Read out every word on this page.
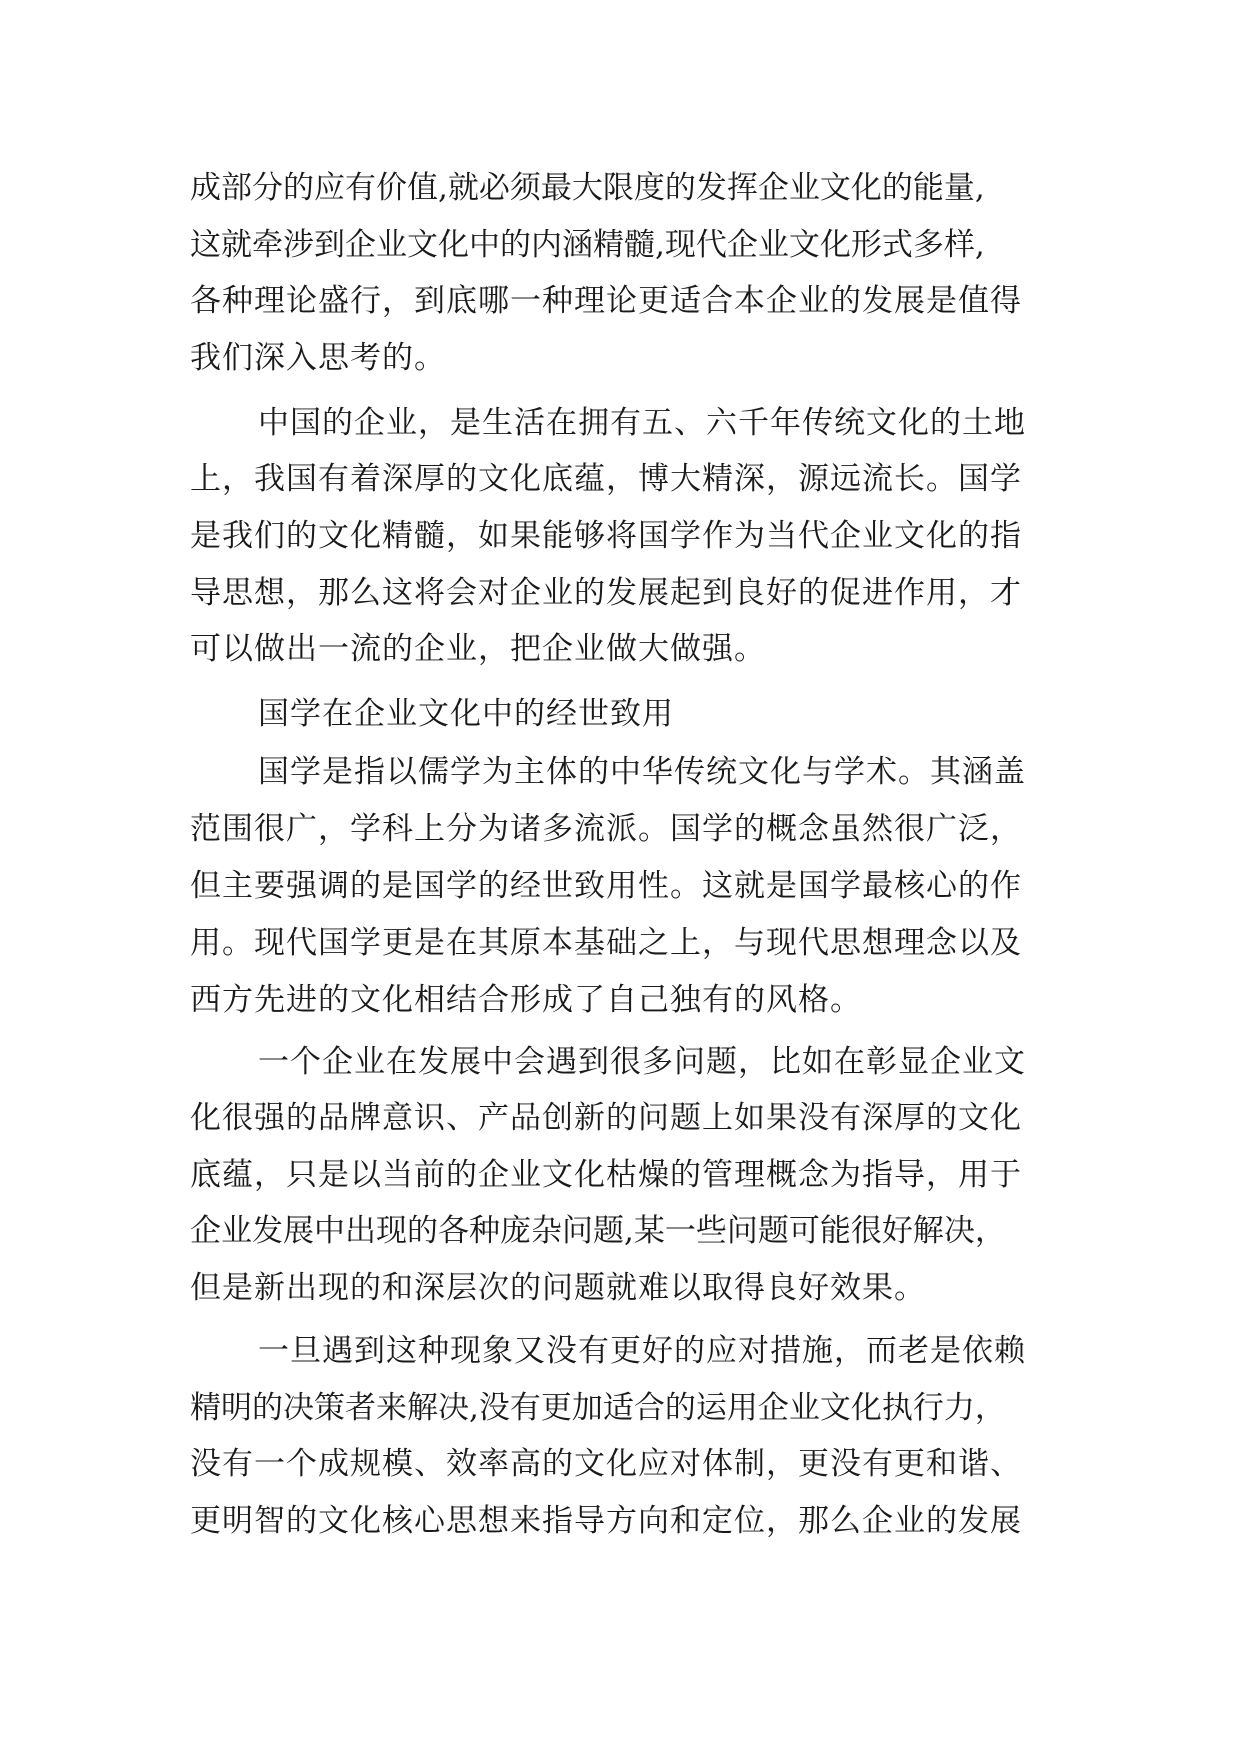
成部分的应有价值,就必须最大限度的发挥企业文化的能量,

这就牵涉到企业文化中的内涵精髓,现代企业文化形式多样,

各种理论盛行，到底哪一种理论更适合本企业的发展是值得

我们深入思考的。

中国的企业，是生活在拥有五、六千年传统文化的土地

上，我国有着深厚的文化底蕴，博大精深，源远流长。国学

是我们的文化精髓，如果能够将国学作为当代企业文化的指

导思想，那么这将会对企业的发展起到良好的促进作用，才

可以做出一流的企业，把企业做大做强。

国学在企业文化中的经世致用

国学是指以儒学为主体的中华传统文化与学术。其涵盖

范围很广，学科上分为诸多流派。国学的概念虽然很广泛，

但主要强调的是国学的经世致用性。这就是国学最核心的作

用。现代国学更是在其原本基础之上，与现代思想理念以及

西方先进的文化相结合形成了自己独有的风格。

一个企业在发展中会遇到很多问题，比如在彰显企业文

化很强的品牌意识、产品创新的问题上如果没有深厚的文化

底蕴，只是以当前的企业文化枯燥的管理概念为指导，用于

企业发展中出现的各种庞杂问题,某一些问题可能很好解决，

但是新出现的和深层次的问题就难以取得良好效果。

一旦遇到这种现象又没有更好的应对措施，而老是依赖

精明的决策者来解决,没有更加适合的运用企业文化执行力，

没有一个成规模、效率高的文化应对体制，更没有更和谐、

更明智的文化核心思想来指导方向和定位，那么企业的发展
